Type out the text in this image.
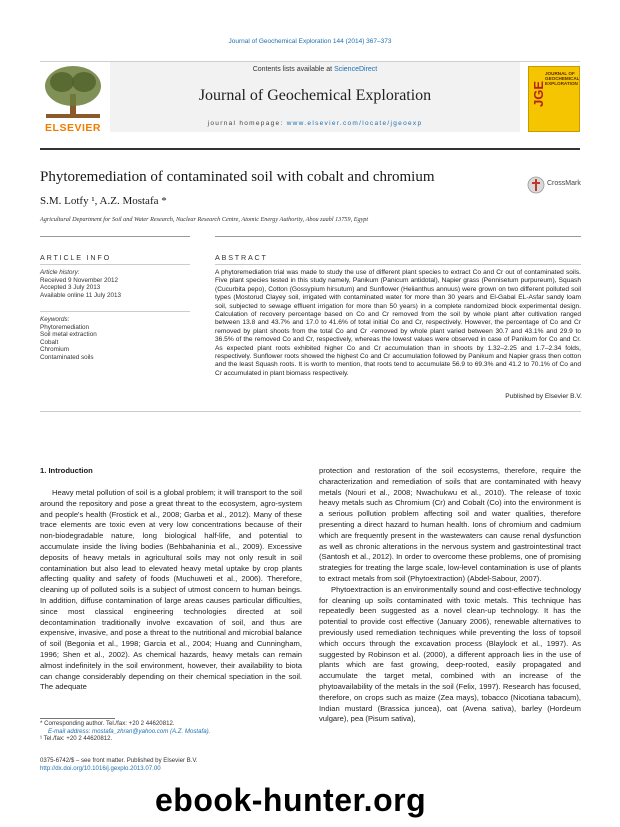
Journal of Geochemical Exploration 144 (2014) 367–373
ELSEVIER
Contents lists available at ScienceDirect
Journal of Geochemical Exploration
journal homepage: www.elsevier.com/locate/jgeoexp
JGE
JOURNAL OF GEOCHEMICAL EXPLORATION
Phytoremediation of contaminated soil with cobalt and chromium	CrossMark
S.M. Lotfy ¹, A.Z. Mostafa *
Agricultural Department for Soil and Water Research, Nuclear Research Centre, Atomic Energy Authority, Abou zaabl 13759, Egypt
ARTICLE INFO	ABSTRACT
Article history:
Received 9 November 2012
Accepted 3 July 2013
Available online 11 July 2013
Keywords:
Phytoremediation
Soil metal extraction
Cobalt
Chromium
Contaminated soils
A phytoremediation trial was made to study the use of different plant species to extract Co and Cr out of contaminated soils. Five plant species tested in this study namely, Panikum (Panicum antidotal), Napier grass (Pennisetum purpureum), Squash (Cucurbita pepo), Cotton (Gossypium hirsutum) and Sunflower (Helianthus annuus) were grown on two different polluted soil types (Mostorud Clayey soil, irrigated with contaminated water for more than 30 years and El-Gabal EL-Asfar sandy loam soil, subjected to sewage effluent irrigation for more than 50 years) in a complete randomized block experimental design. Calculation of recovery percentage based on Co and Cr removed from the soil by whole plant after cultivation ranged between 13.8 and 43.7% and 17.0 to 41.6% of total initial Co and Cr, respectively. However, the percentage of Co and Cr removed by plant shoots from the total Co and Cr -removed by whole plant varied between 30.7 and 43.1% and 29.9 to 36.5% of the removed Co and Cr, respectively, whereas the lowest values were observed in case of Panikum for Co and Cr. As expected plant roots exhibited higher Co and Cr accumulation than in shoots by 1.32–2.25 and 1.7–2.34 folds, respectively. Sunflower roots showed the highest Co and Cr accumulation followed by Panikum and Napier grass then cotton and the least Squash roots. It is worth to mention, that roots tend to accumulate 56.9 to 69.3% and 41.2 to 70.1% of Co and Cr accumulated in plant biomass respectively.
Published by Elsevier B.V.
1. Introduction

Heavy metal pollution of soil is a global problem; it will transport to the soil around the repository and pose a great threat to the ecosystem, agro-system and people's health (Frostick et al., 2008; Garba et al., 2012). Many of these trace elements are toxic even at very low concentrations because of their non-biodegradable nature, long biological half-life, and potential to accumulate inside the living bodies (Behbahaninia et al., 2009). Excessive deposits of heavy metals in agricultural soils may not only result in soil contamination but also lead to elevated heavy metal uptake by crop plants affecting quality and safety of foods (Muchuweti et al., 2006). Therefore, cleaning up of polluted soils is a subject of utmost concern to human beings. In addition, diffuse contamination of large areas causes particular difficulties, since most classical engineering technologies directed at soil decontamination traditionally involve excavation of soil, and thus are expensive, invasive, and pose a threat to the nutritional and microbial balance of soil (Begonia et al., 1998; Garcia et al., 2004; Huang and Cunningham, 1996; Shen et al., 2002). As chemical hazards, heavy metals can remain almost indefinitely in the soil environment, however, their availability to biota can change considerably depending on their chemical speciation in the soil. The adequate

protection and restoration of the soil ecosystems, therefore, require the characterization and remediation of soils that are contaminated with heavy metals (Nouri et al., 2008; Nwachukwu et al., 2010). The release of toxic heavy metals such as Chromium (Cr) and Cobalt (Co) into the environment is a serious pollution problem affecting soil and water qualities, therefore presenting a direct hazard to human health. Ions of chromium and cadmium which are frequently present in the wastewaters can cause renal dysfunction as well as chronic alterations in the nervous system and gastrointestinal tract (Santosh et al., 2012). In order to overcome these problems, one of promising strategies for treating the large scale, low-level contamination is use of plants to extract metals from soil (Phytoextraction) (Abdel-Sabour, 2007).

Phytoextraction is an environmentally sound and cost-effective technology for cleaning up soils contaminated with toxic metals. This technique has repeatedly been suggested as a novel clean-up technology. It has the potential to provide cost effective (January 2006), renewable alternatives to previously used remediation techniques while preventing the loss of topsoil which occurs through the excavation process (Blaylock et al., 1997). As suggested by Robinson et al. (2000), a different approach lies in the use of plants which are fast growing, deep-rooted, easily propagated and accumulate the target metal, combined with an increase of the phytoavailability of the metals in the soil (Felix, 1997). Research has focused, therefore, on crops such as maize (Zea mays), tobacco (Nicotiana tabacum), Indian mustard (Brassica juncea), oat (Avena sativa), barley (Hordeum vulgare), pea (Pisum sativa),

* Corresponding author. Tel./fax: +20 2 44620812.
E-mail address: mostafa_zhran@yahoo.com (A.Z. Mostafa).
¹ Tel./fax: +20 2 44620812.
0375-6742/$ – see front matter. Published by Elsevier B.V.
http://dx.doi.org/10.1016/j.gexplo.2013.07.00
ebook-hunter.org
